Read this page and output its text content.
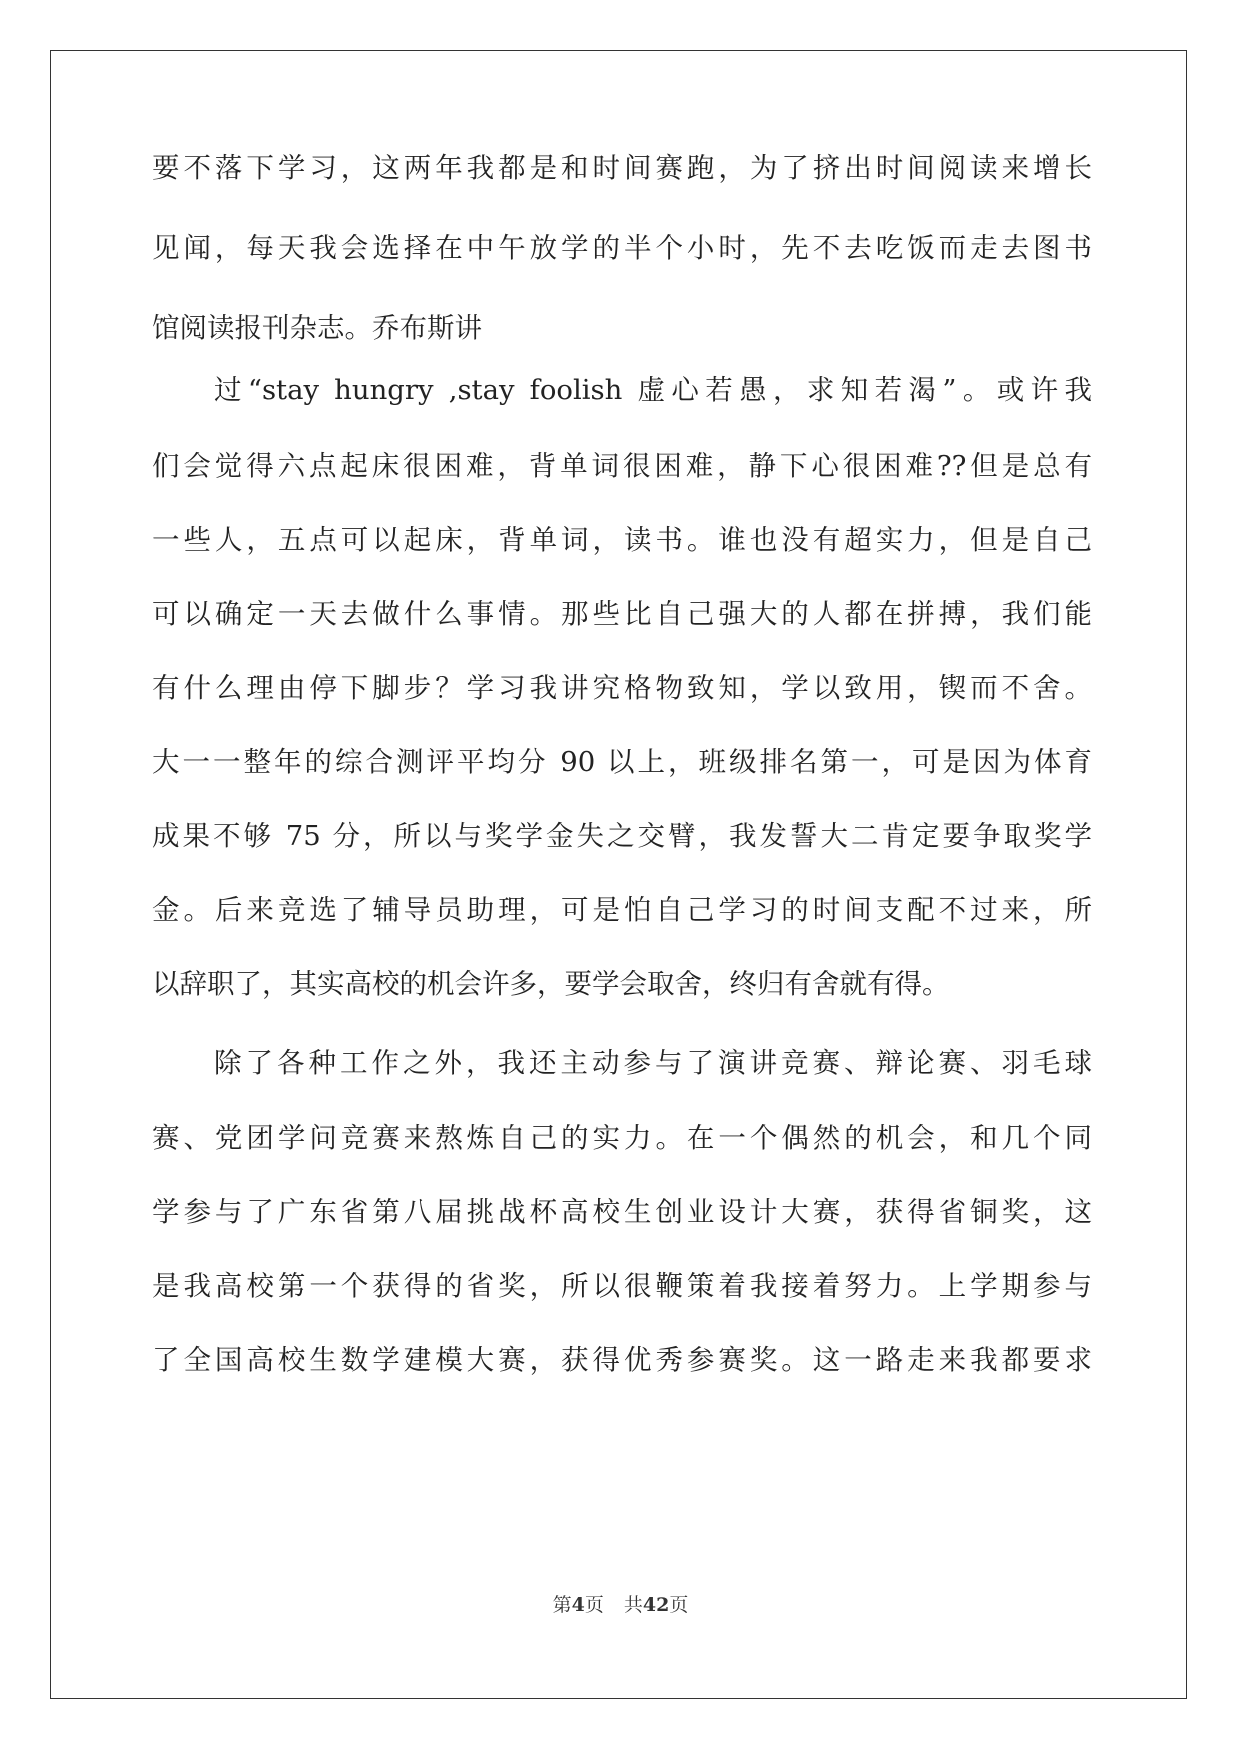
要不落下学习，这两年我都是和时间赛跑，为了挤出时间阅读来增长
见闻，每天我会选择在中午放学的半个小时，先不去吃饭而走去图书
馆阅读报刊杂志。乔布斯讲
过“stay hungry ,stay foolish 虚心若愚，求知若渴”。或许我
们会觉得六点起床很困难，背单词很困难，静下心很困难??但是总有
一些人，五点可以起床，背单词，读书。谁也没有超实力，但是自己
可以确定一天去做什么事情。那些比自己强大的人都在拼搏，我们能
有什么理由停下脚步？学习我讲究格物致知，学以致用，锲而不舍。
大一一整年的综合测评平均分 90 以上，班级排名第一，可是因为体育
成果不够 75 分，所以与奖学金失之交臂，我发誓大二肯定要争取奖学
金。后来竞选了辅导员助理，可是怕自己学习的时间支配不过来，所
以辞职了，其实高校的机会许多，要学会取舍，终归有舍就有得。
除了各种工作之外，我还主动参与了演讲竞赛、辩论赛、羽毛球
赛、党团学问竞赛来熬炼自己的实力。在一个偶然的机会，和几个同
学参与了广东省第八届挑战杯高校生创业设计大赛，获得省铜奖，这
是我高校第一个获得的省奖，所以很鞭策着我接着努力。上学期参与
了全国高校生数学建模大赛，获得优秀参赛奖。这一路走来我都要求
第4页 共42页
